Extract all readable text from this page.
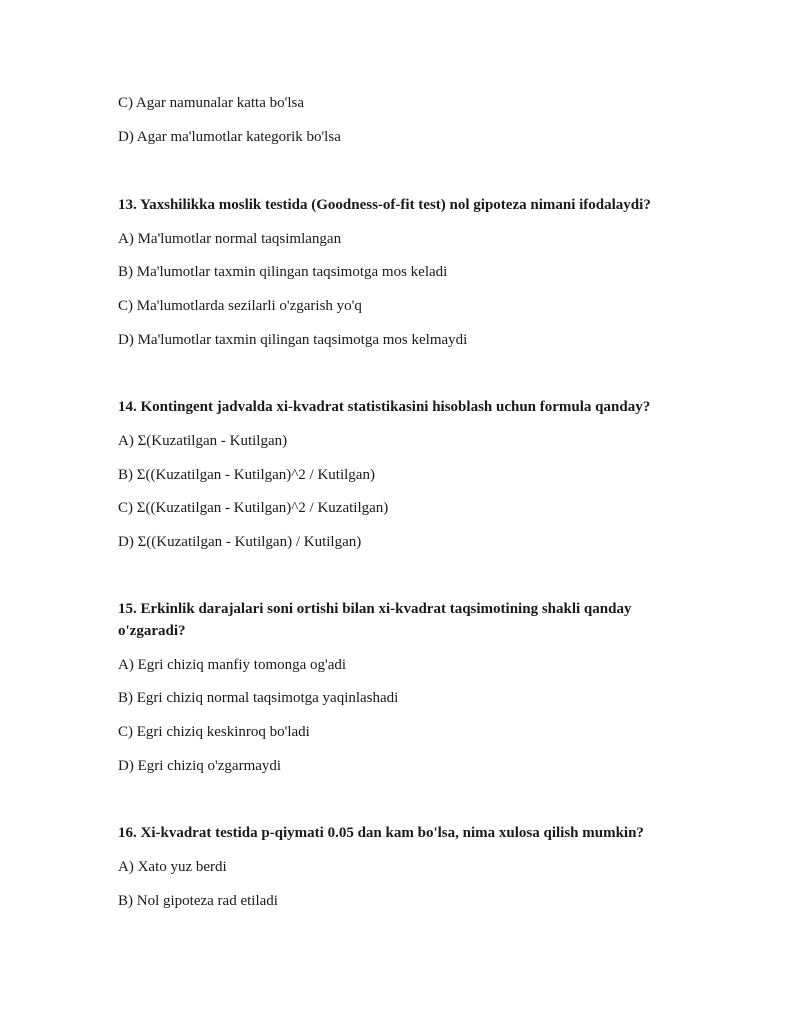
C) Agar namunalar katta bo'lsa
D) Agar ma'lumotlar kategorik bo'lsa
13. Yaxshilikka moslik testida (Goodness-of-fit test) nol gipoteza nimani ifodalaydi?
A) Ma'lumotlar normal taqsimlangan
B) Ma'lumotlar taxmin qilingan taqsimotga mos keladi
C) Ma'lumotlarda sezilarli o'zgarish yo'q
D) Ma'lumotlar taxmin qilingan taqsimotga mos kelmaydi
14. Kontingent jadvalda xi-kvadrat statistikasini hisoblash uchun formula qanday?
A) Σ(Kuzatilgan - Kutilgan)
B) Σ((Kuzatilgan - Kutilgan)^2 / Kutilgan)
C) Σ((Kuzatilgan - Kutilgan)^2 / Kuzatilgan)
D) Σ((Kuzatilgan - Kutilgan) / Kutilgan)
15. Erkinlik darajalari soni ortishi bilan xi-kvadrat taqsimotining shakli qanday o'zgaradi?
A) Egri chiziq manfiy tomonga og'adi
B) Egri chiziq normal taqsimotga yaqinlashadi
C) Egri chiziq keskinroq bo'ladi
D) Egri chiziq o'zgarmaydi
16. Xi-kvadrat testida p-qiymati 0.05 dan kam bo'lsa, nima xulosa qilish mumkin?
A) Xato yuz berdi
B) Nol gipoteza rad etiladi
